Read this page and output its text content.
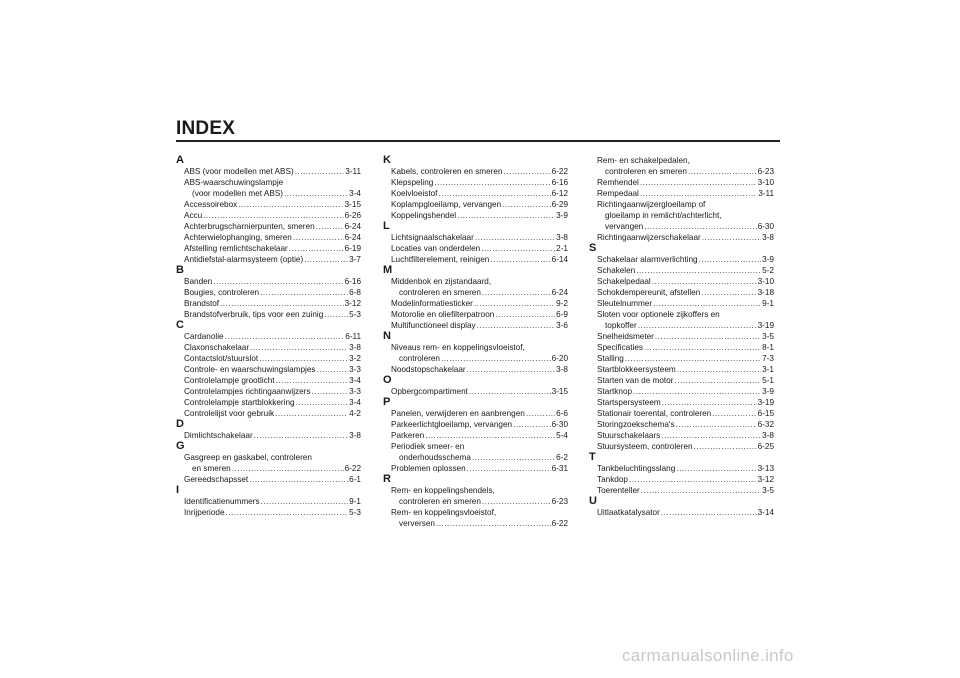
INDEX
A
ABS (voor modellen met ABS) .....	3-11
ABS-waarschuwingslampje
(voor modellen met ABS) .....	3-4
Accessoirebox .....	3-15
Accu .....	6-26
Achterbrugscharnierpunten, smeren .....	6-24
Achterwielophanging, smeren .....	6-24
Afstelling remlichtschakelaar .....	6-19
Antidiefstal-alarmsysteem (optie) .....	3-7
B
Banden .....	6-16
Bougies, controleren .....	6-8
Brandstof .....	3-12
Brandstofverbruik, tips voor een zuinig .....	5-3
C
Cardanolie .....	6-11
Claxonschakelaar .....	3-8
Contactslot/stuurslot .....	3-2
Controle- en waarschuwingslampjes .....	3-3
Controlelampje grootlicht .....	3-4
Controlelampjes richtingaanwijzers .....	3-3
Controlelampje startblokkering .....	3-4
Controlelijst voor gebruik .....	4-2
D
Dimlichtschakelaar .....	3-8
G
Gasgreep en gaskabel, controleren
en smeren .....	6-22
Gereedschapsset .....	6-1
I
Identificatienummers .....	9-1
Inrijperiode .....	5-3
K
Kabels, controleren en smeren .....	6-22
Klepspeling .....	6-16
Koelvloeistof .....	6-12
Koplampgloeilamp, vervangen .....	6-29
Koppelingshendel .....	3-9
L
Lichtsignaalschakelaar .....	3-8
Locaties van onderdelen .....	2-1
Luchtfilterelement, reinigen .....	6-14
M
Middenbok en zijstandaard,
controleren en smeren .....	6-24
Modelinformatiesticker .....	9-2
Motorolie en oliefilterpatroon .....	6-9
Multifunctioneel display .....	3-6
N
Niveaus rem- en koppelingsvloeistof,
controleren .....	6-20
Noodstopschakelaar .....	3-8
O
Opbergcompartiment .....	3-15
P
Panelen, verwijderen en aanbrengen .....	6-6
Parkeerlichtgloeilamp, vervangen .....	6-30
Parkeren .....	5-4
Periodiek smeer- en
onderhoudsschema .....	6-2
Problemen oplossen .....	6-31
R
Rem- en koppelingshendels,
controleren en smeren .....	6-23
Rem- en koppelingsvloeistof,
verversen .....	6-22
Rem- en schakelpedalen,
controleren en smeren .....	6-23
Remhendel .....	3-10
Rempedaal .....	3-11
Richtingaanwijzergloeilamp of
gloeilamp in remlicht/achterlicht,
vervangen .....	6-30
Richtingaanwijzerschakelaar .....	3-8
S
Schakelaar alarmverlichting .....	3-9
Schakelen .....	5-2
Schakelpedaal .....	3-10
Schokdempereunit, afstellen .....	3-18
Sleutelnummer .....	9-1
Sloten voor optionele zijkoffers en
topkoffer .....	3-19
Snelheidsmeter .....	3-5
Specificaties .....	8-1
Stalling .....	7-3
Startblokkeersysteem .....	3-1
Starten van de motor .....	5-1
Startknop .....	3-9
Startspersysteem .....	3-19
Stationair toerental, controleren .....	6-15
Storingzoekschema's .....	6-32
Stuurschakelaars .....	3-8
Stuursysteem, controleren .....	6-25
T
Tankbeluchtingsslang .....	3-13
Tankdop .....	3-12
Toerenteller .....	3-5
U
Uitlaatkatalysator .....	3-14
carmanualsonline.info
